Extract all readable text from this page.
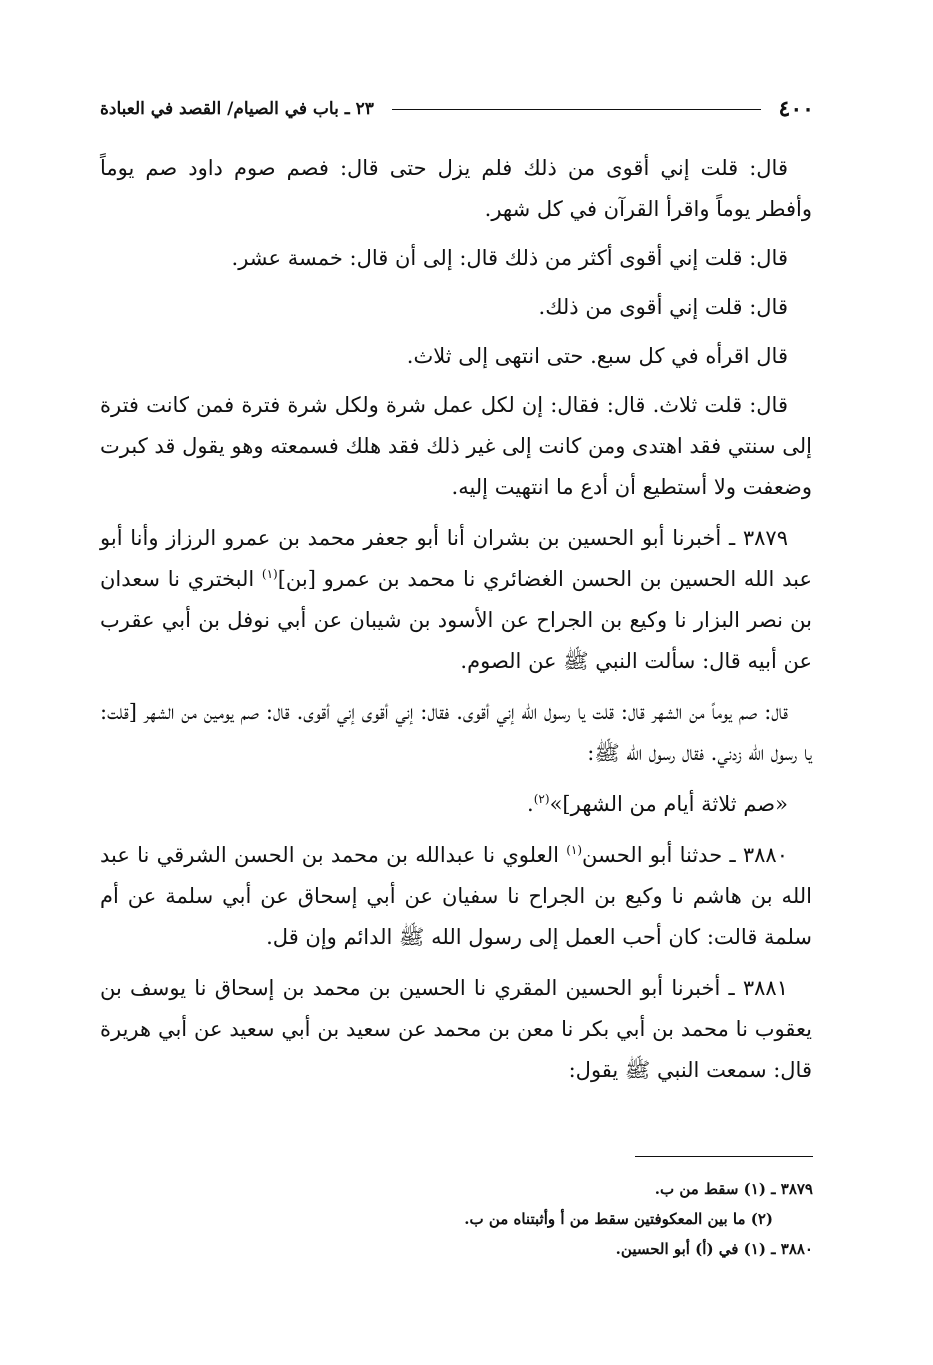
٤٠٠
٢٣ ـ باب في الصيام/ القصد في العبادة

قال: قلت إني أقوى من ذلك فلم يزل حتى قال: فصم صوم داود صم يوماً وأفطر يوماً واقرأ القرآن في كل شهر.

قال: قلت إني أقوى أكثر من ذلك قال: إلى أن قال: خمسة عشر.

قال: قلت إني أقوى من ذلك.

قال اقرأه في كل سبع. حتى انتهى إلى ثلاث.

قال: قلت ثلاث. قال: فقال: إن لكل عمل شرة ولكل شرة فترة فمن كانت فترة إلى سنتي فقد اهتدى ومن كانت إلى غير ذلك فقد هلك فسمعته وهو يقول قد كبرت وضعفت ولا أستطيع أن أدع ما انتهيت إليه.

٣٨٧٩ ـ أخبرنا أبو الحسين بن بشران أنا أبو جعفر محمد بن عمرو الرزاز وأنا أبو عبد الله الحسين بن الحسن الغضائري نا محمد بن عمرو [بن]$^{(١)}$ البختري نا سعدان بن نصر البزار نا وكيع بن الجراح عن الأسود بن شيبان عن أبي نوفل بن أبي عقرب عن أبيه قال: سألت النبي ﷺ عن الصوم.

قال: صم يوماً من الشهر قال: قلت يا رسول الله إني أقوى. فقال: إني أقوى إني أقوى. قال: صم يومين من الشهر [قلت: يا رسول الله زدني. فقال رسول الله ﷺ:

«صم ثلاثة أيام من الشهر]»$^{(٢)}$.

٣٨٨٠ ـ حدثنا أبو الحسن$^{(١)}$ العلوي نا عبدالله بن محمد بن الحسن الشرقي نا عبد الله بن هاشم نا وكيع بن الجراح نا سفيان عن أبي إسحاق عن أبي سلمة عن أم سلمة قالت: كان أحب العمل إلى رسول الله ﷺ الدائم وإن قل.

٣٨٨١ ـ أخبرنا أبو الحسين المقري نا الحسين بن محمد بن إسحاق نا يوسف بن يعقوب نا محمد بن أبي بكر نا معن بن محمد عن سعيد بن أبي سعيد عن أبي هريرة قال: سمعت النبي ﷺ يقول:

٣٨٧٩ ـ (١) سقط من ب.

(٢) ما بين المعكوفتين سقط من أ وأثبتناه من ب.

٣٨٨٠ ـ (١) في (أ) أبو الحسين.
